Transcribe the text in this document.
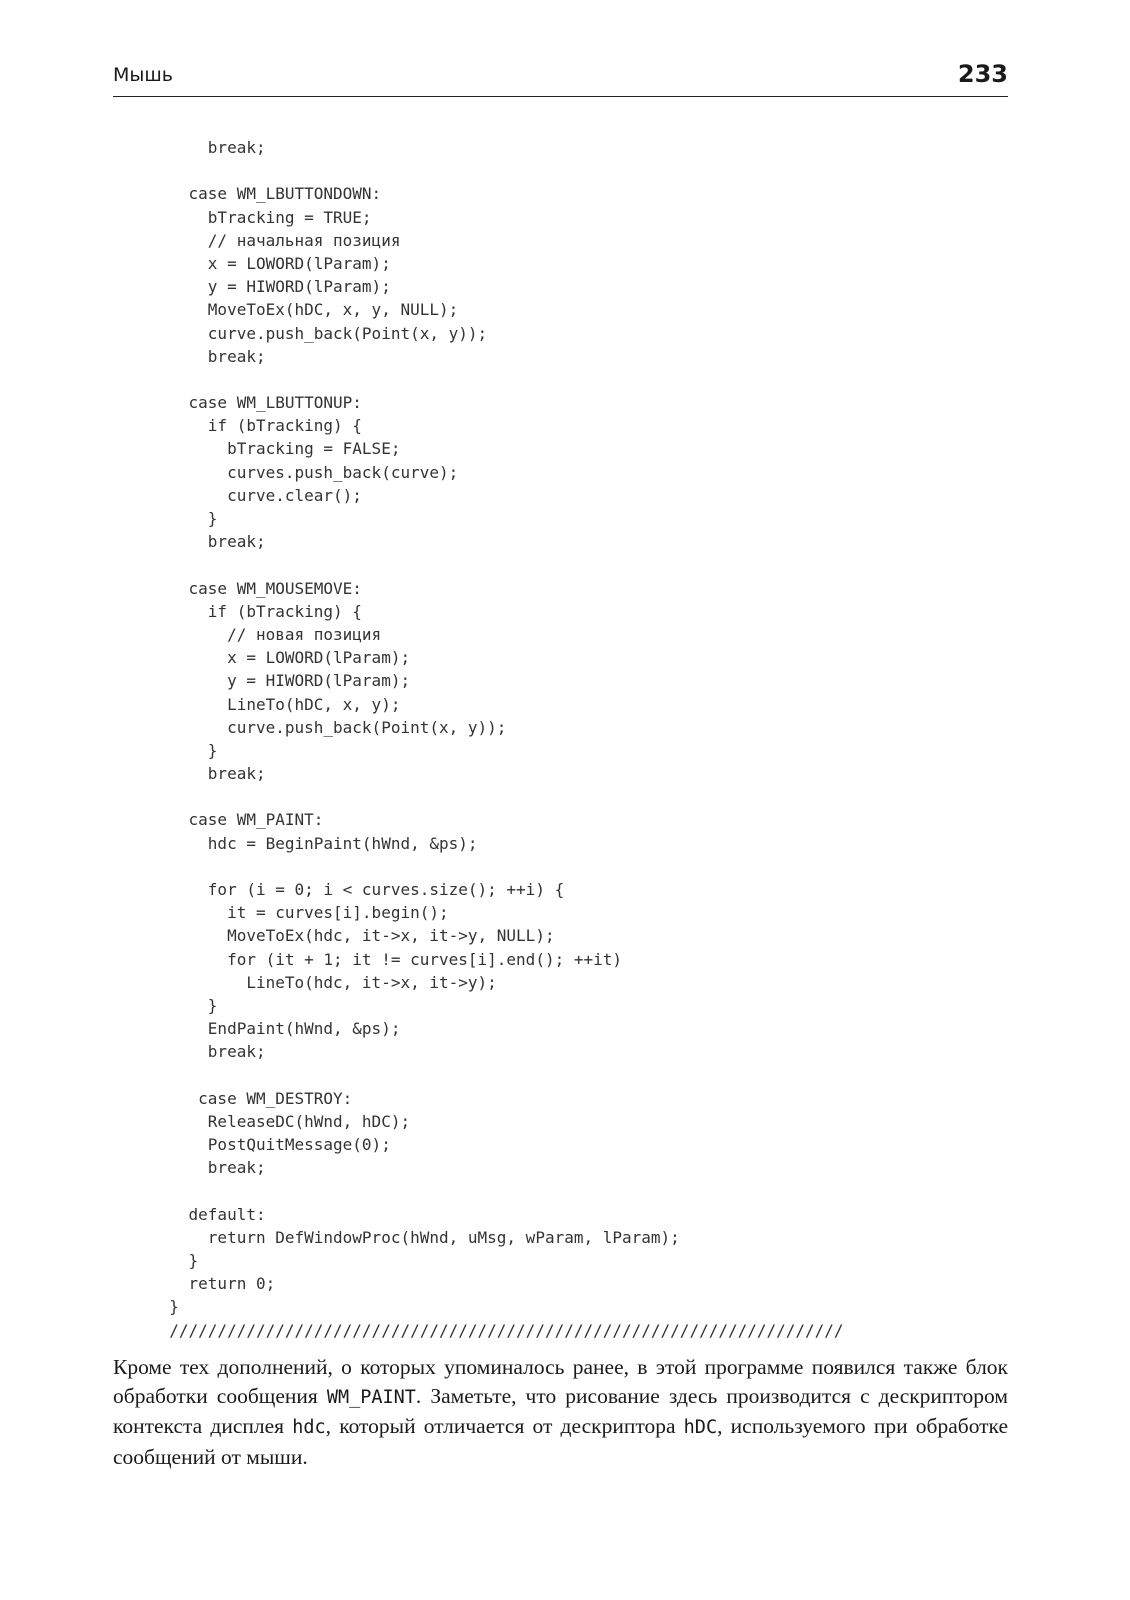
Мышь	233
break;
case WM_LBUTTONDOWN:
bTracking = TRUE;
// начальная позиция
x = LOWORD(lParam);
y = HIWORD(lParam);
MoveToEx(hDC, x, y, NULL);
curve.push_back(Point(x, y));
break;
case WM_LBUTTONUP:
if (bTracking) {
bTracking = FALSE;
curves.push_back(curve);
curve.clear();
}
break;
case WM_MOUSEMOVE:
if (bTracking) {
// новая позиция
x = LOWORD(lParam);
y = HIWORD(lParam);
LineTo(hDC, x, y);
curve.push_back(Point(x, y));
}
break;
case WM_PAINT:
hdc = BeginPaint(hWnd, &ps);
for (i = 0; i < curves.size(); ++i) {
it = curves[i].begin();
MoveToEx(hdc, it->x, it->y, NULL);
for (it + 1; it != curves[i].end(); ++it)
LineTo(hdc, it->x, it->y);
}
EndPaint(hWnd, &ps);
break;
case WM_DESTROY:
ReleaseDC(hWnd, hDC);
PostQuitMessage(0);
break;
default:
return DefWindowProc(hWnd, uMsg, wParam, lParam);
}
return 0;
}
//////////////////////////////////////////////////////////////////////

Кроме тех дополнений, о которых упоминалось ранее, в этой программе появился также блок обработки сообщения WM_PAINT. Заметьте, что рисование здесь производится с дескриптором контекста дисплея hdc, который отличается от дескриптора hDC, используемого при обработке сообщений от мыши.
